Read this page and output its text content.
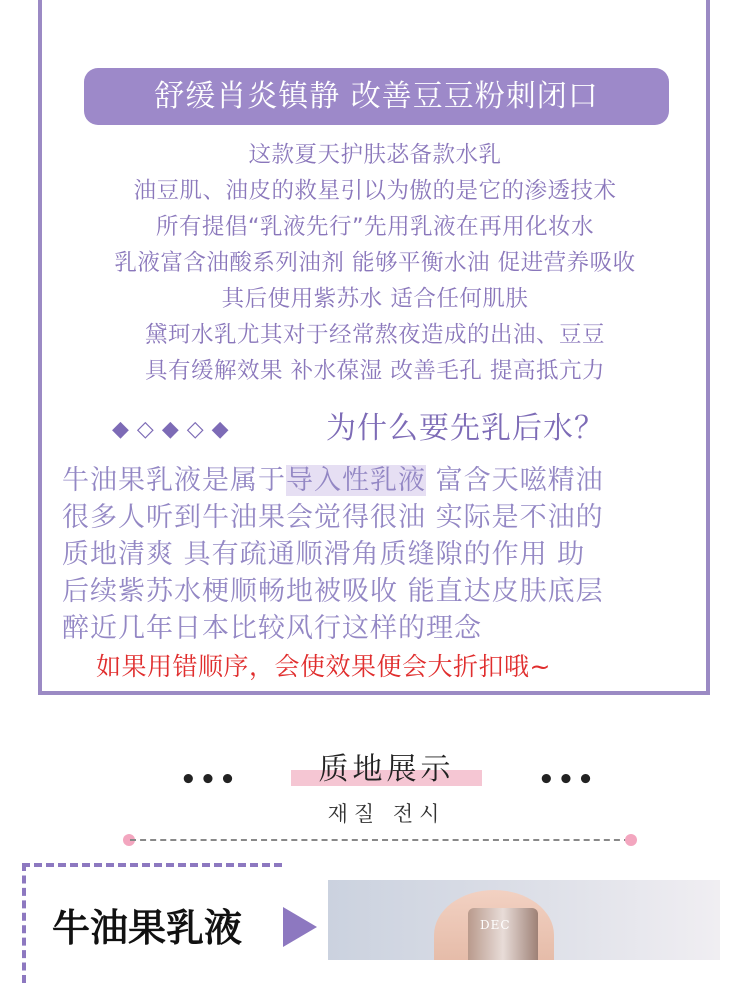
舒缓肖炎镇静 改善豆豆粉刺闭口
这款夏天护肤苾备款水乳
油豆肌、油皮的救星引以为傲的是它的渗透技术
所有提倡“乳液先行”先用乳液在再用化妆水
乳液富含油酸系列油剂 能够平衡水油 促进营养吸收
其后使用紫苏水 适合任何肌肤
黛珂水乳尤其对于经常熬夜造成的出油、豆豆
具有缓解效果 补水葆湿 改善毛孔 提高抵亢力
◆◇◆◇◆	为什么要先乳后水？
牛油果乳液是属于导入性乳液 富含天嗞精油
很多人听到牛油果会觉得很油 实际是不油的
质地清爽 具有疏通顺滑角质缝隙的作用 助
后续紫苏水梗顺畅地被吸收 能直达皮肤底层
醉近几年日本比较风行这样的理念
如果用错顺序，会使效果便会大折扣哦~
•••	•••
质地展示
재질 전시
牛油果乳液	DEC
